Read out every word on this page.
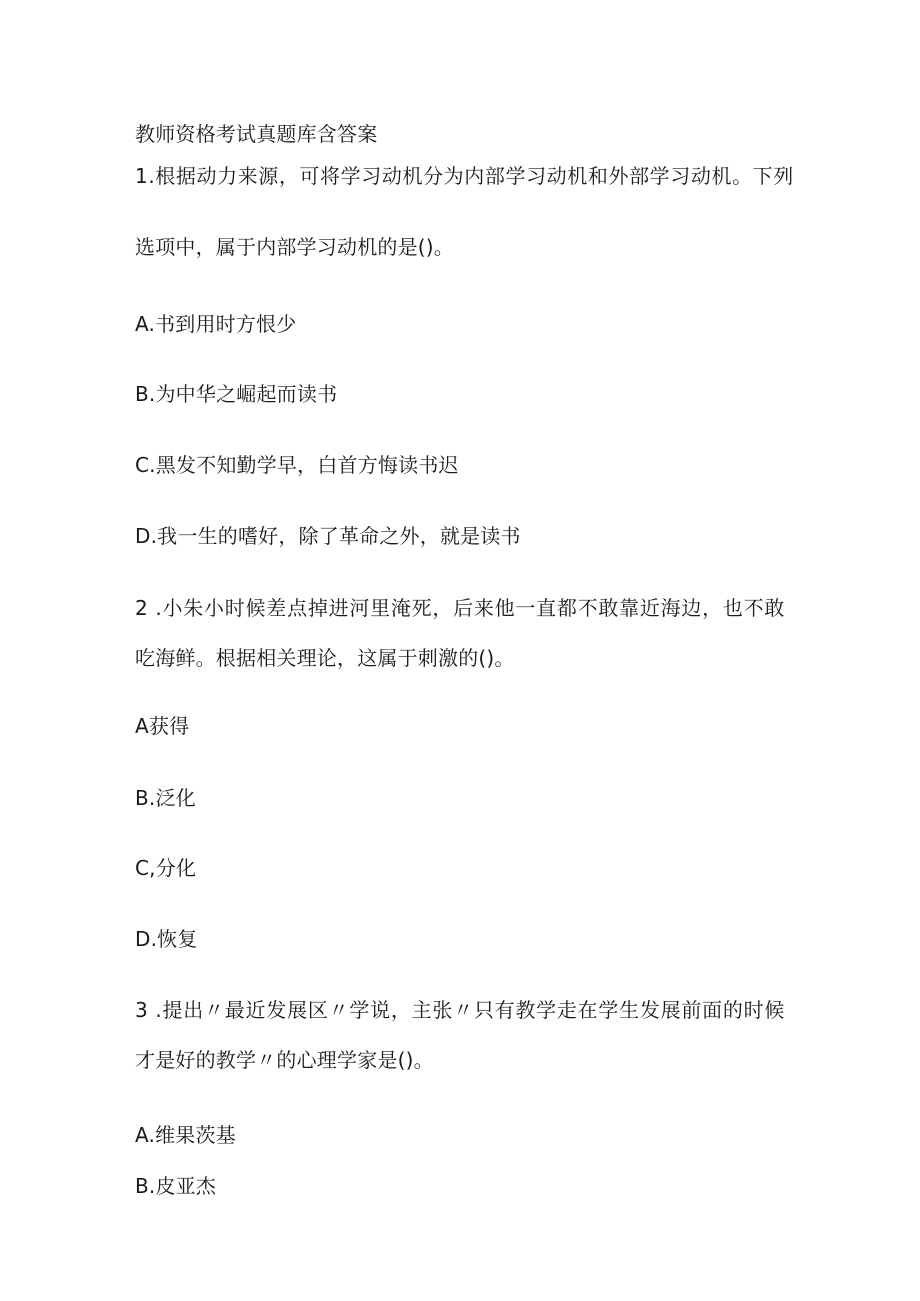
教师资格考试真题库含答案
1.根据动力来源，可将学习动机分为内部学习动机和外部学习动机。下列
选项中，属于内部学习动机的是()。
A.书到用时方恨少
B.为中华之崛起而读书
C.黑发不知勤学早，白首方悔读书迟
D.我一生的嗜好，除了革命之外，就是读书
2 .小朱小时候差点掉进河里淹死，后来他一直都不敢靠近海边，也不敢
吃海鲜。根据相关理论，这属于刺激的()。
A获得
B.泛化
C,分化
D.恢复
3 .提出〃最近发展区〃学说，主张〃只有教学走在学生发展前面的时候
才是好的教学〃的心理学家是()。
A.维果茨基
B.皮亚杰
